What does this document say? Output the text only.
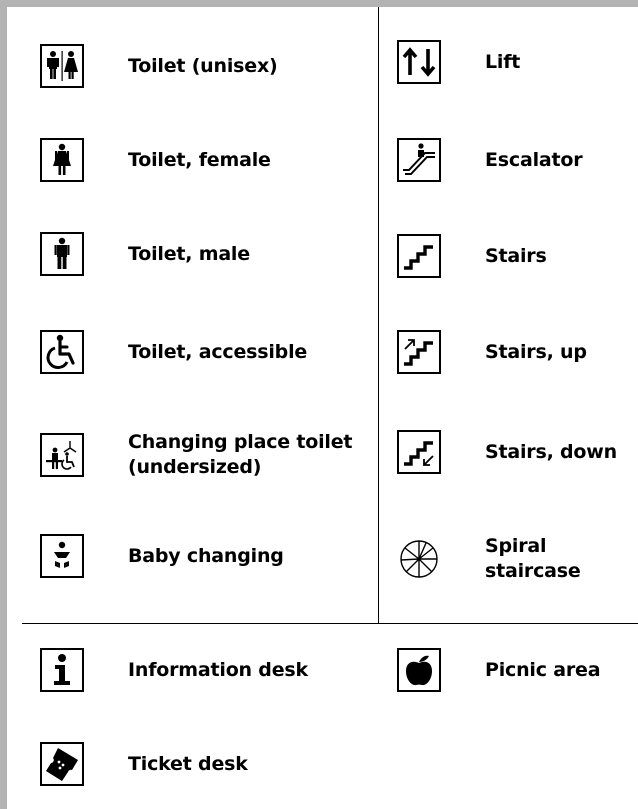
Toilet (unisex)
Toilet, female
Toilet, male
Toilet, accessible
Changing place toilet
(undersized)
Baby changing
Lift
Escalator
Stairs
Stairs, up
Stairs, down
Spiral
staircase
Information desk	Picnic area
Ticket desk
